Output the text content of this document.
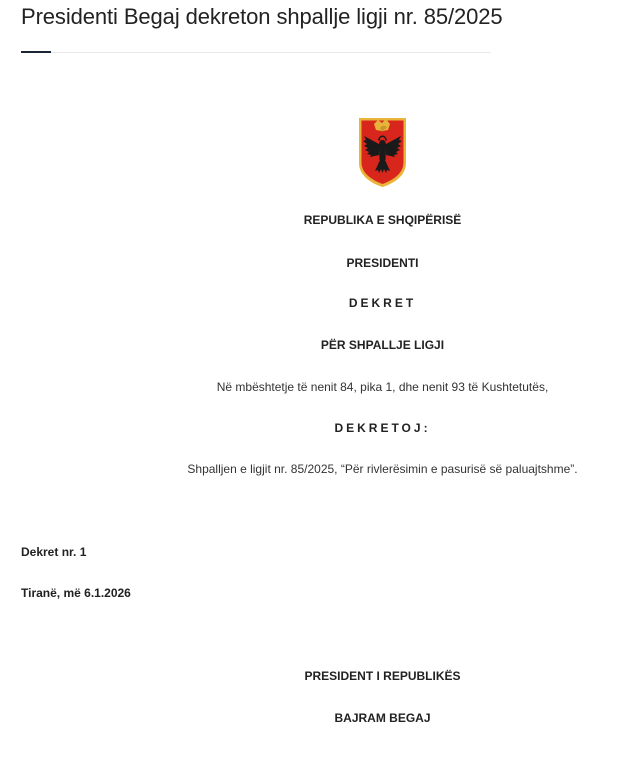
Presidenti Begaj dekreton shpallje ligji nr. 85/2025
REPUBLIKA E SHQIPËRISË
PRESIDENTI
DEKRET
PËR SHPALLJE LIGJI
Në mbështetje të nenit 84, pika 1, dhe nenit 93 të Kushtetutës,
DEKRETOJ:
Shpalljen e ligjit nr. 85/2025, “Për rivlerësimin e pasurisë së paluajtshme”.
Dekret nr. 1
Tiranë, më 6.1.2026
PRESIDENT I REPUBLIKËS
BAJRAM BEGAJ
